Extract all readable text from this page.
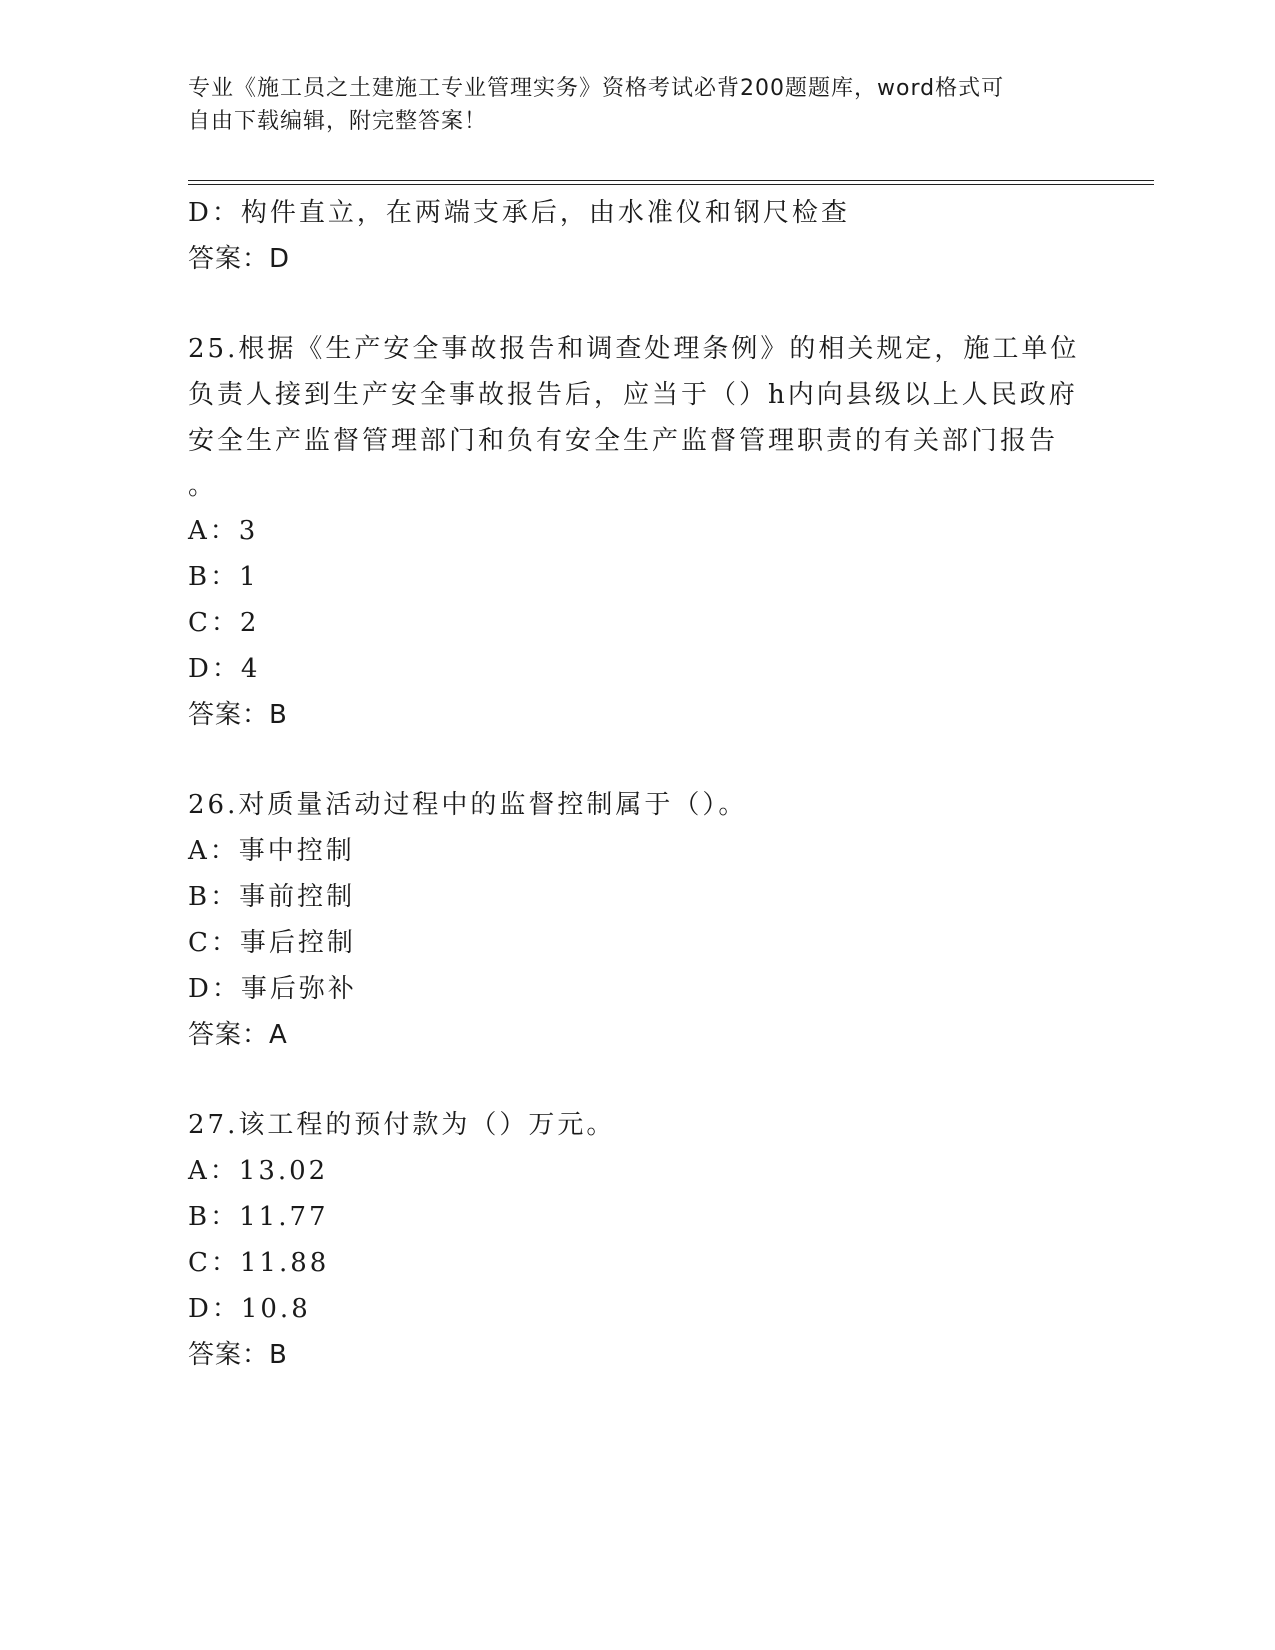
专业《施工员之土建施工专业管理实务》资格考试必背200题题库，word格式可
自由下载编辑，附完整答案！
D：构件直立，在两端支承后，由水准仪和钢尺检查
答案：D
25.根据《生产安全事故报告和调查处理条例》的相关规定，施工单位
负责人接到生产安全事故报告后，应当于（）h内向县级以上人民政府
安全生产监督管理部门和负有安全生产监督管理职责的有关部门报告
。
A：3
B：1
C：2
D：4
答案：B
26.对质量活动过程中的监督控制属于（）。
A：事中控制
B：事前控制
C：事后控制
D：事后弥补
答案：A
27.该工程的预付款为（）万元。
A：13.02
B：11.77
C：11.88
D：10.8
答案：B
